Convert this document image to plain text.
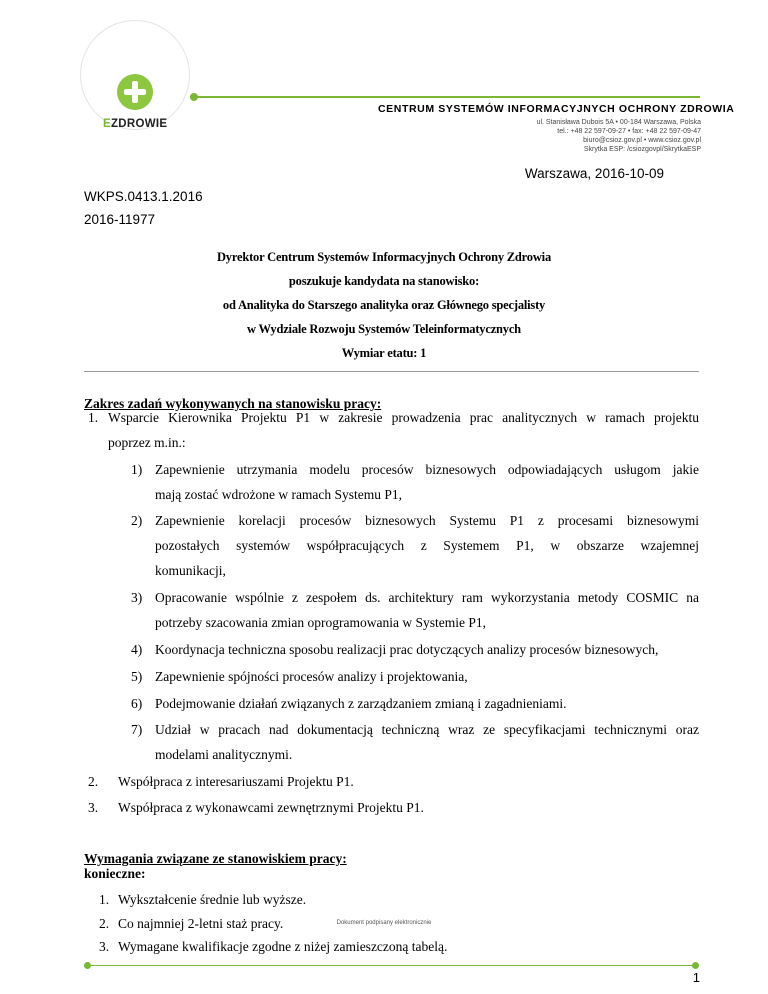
EZDROWIE
CENTRUM SYSTEMÓW INFORMACYJNYCH OCHRONY ZDROWIA
ul. Stanisława Dubois 5A • 00-184 Warszawa, Polska
tel.: +48 22 597-09-27 • fax: +48 22 597-09-47
biuro@csioz.gov.pl • www.csioz.gov.pl
Skrytka ESP: /csiozgovpl/SkrytkaESP
Warszawa, 2016-10-09
WKPS.0413.1.2016
2016-11977
Dyrektor Centrum Systemów Informacyjnych Ochrony Zdrowia
poszukuje kandydata na stanowisko:
od Analityka do Starszego analityka oraz Głównego specjalisty
w Wydziale Rozwoju Systemów Teleinformatycznych
Wymiar etatu: 1
Zakres zadań wykonywanych na stanowisku pracy:
1. Wsparcie Kierownika Projektu P1 w zakresie prowadzenia prac analitycznych w ramach projektu
poprzez m.in.:
1) Zapewnienie utrzymania modelu procesów biznesowych odpowiadających usługom jakie
mają zostać wdrożone w ramach Systemu P1,
2) Zapewnienie korelacji procesów biznesowych Systemu P1 z procesami biznesowymi
pozostałych systemów współpracujących z Systemem P1, w obszarze wzajemnej
komunikacji,
3) Opracowanie wspólnie z zespołem ds. architektury ram wykorzystania metody COSMIC na
potrzeby szacowania zmian oprogramowania w Systemie P1,
4) Koordynacja techniczna sposobu realizacji prac dotyczących analizy procesów biznesowych,
5) Zapewnienie spójności procesów analizy i projektowania,
6) Podejmowanie działań związanych z zarządzaniem zmianą i zagadnieniami.
7) Udział w pracach nad dokumentacją techniczną wraz ze specyfikacjami technicznymi oraz
modelami analitycznymi.
2. Współpraca z interesariuszami Projektu P1.
3. Współpraca z wykonawcami zewnętrznymi Projektu P1.
Wymagania związane ze stanowiskiem pracy:
konieczne:
1. Wykształcenie średnie lub wyższe.
2. Co najmniej 2-letni staż pracy.
3. Wymagane kwalifikacje zgodne z niżej zamieszczoną tabelą.
Dokument podpisany elektronicznie
1
